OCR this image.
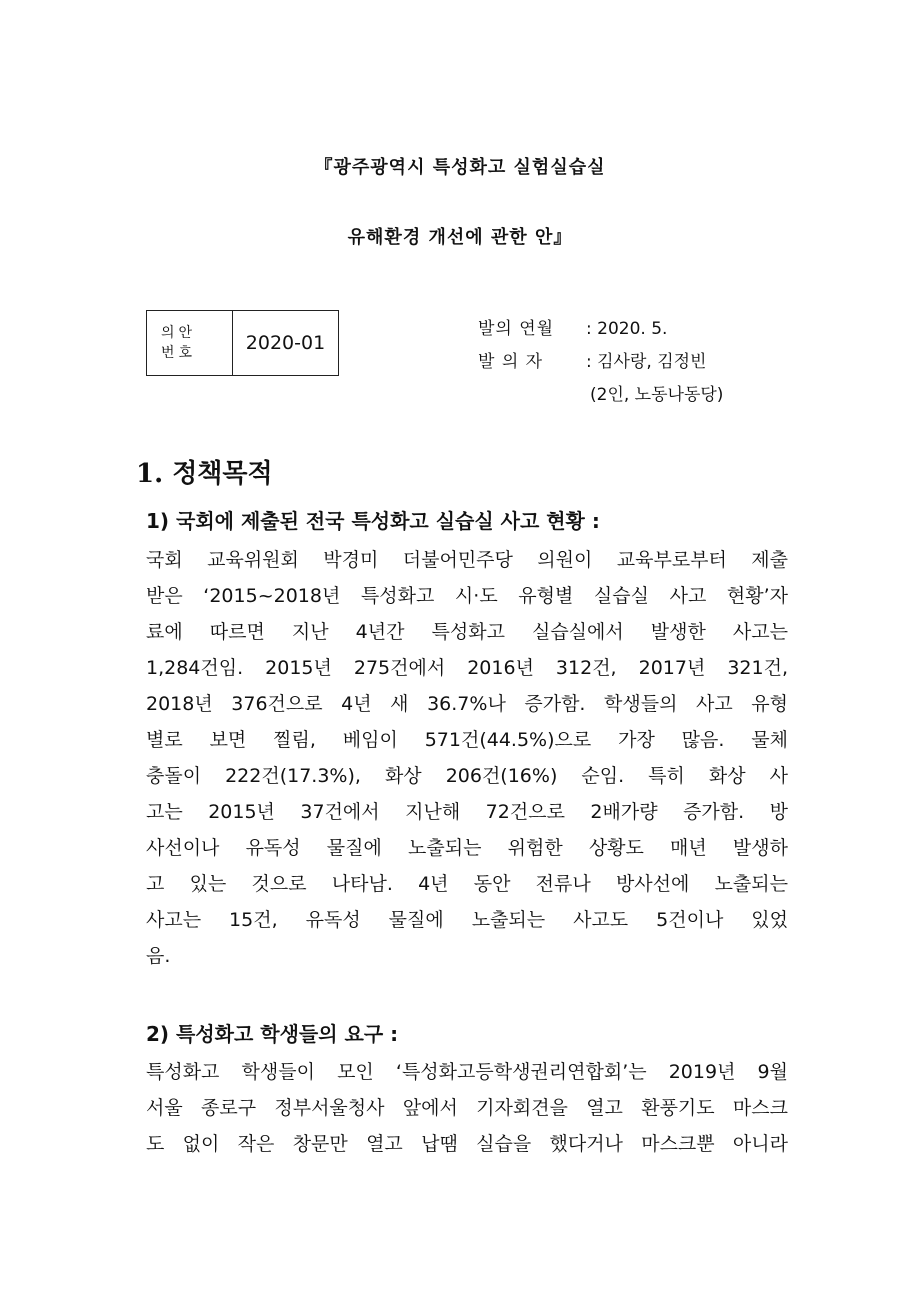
『광주광역시 특성화고 실험실습실
유해환경 개선에 관한 안』
의안
번호	2020-01
발의 연월 : 2020. 5.
발 의 자	: 김사랑, 김정빈
(2인, 노동나동당)
1. 정책목적
1) 국회에 제출된 전국 특성화고 실습실 사고 현황 :
국회 교육위원회 박경미 더불어민주당 의원이 교육부로부터 제출
받은 ‘2015~2018년 특성화고 시·도 유형별 실습실 사고 현황’자
료에 따르면 지난 4년간 특성화고 실습실에서 발생한 사고는
1,284건임. 2015년 275건에서 2016년 312건, 2017년 321건,
2018년 376건으로 4년 새 36.7%나 증가함. 학생들의 사고 유형
별로 보면 찔림, 베임이 571건(44.5%)으로 가장 많음. 물체
충돌이 222건(17.3%), 화상 206건(16%) 순임. 특히 화상 사
고는 2015년 37건에서 지난해 72건으로 2배가량 증가함. 방
사선이나 유독성 물질에 노출되는 위험한 상황도 매년 발생하
고 있는 것으로 나타남. 4년 동안 전류나 방사선에 노출되는
사고는 15건, 유독성 물질에 노출되는 사고도 5건이나 있었
음.
2) 특성화고 학생들의 요구 :
특성화고 학생들이 모인 ‘특성화고등학생권리연합회’는 2019년 9월
서울 종로구 정부서울청사 앞에서 기자회견을 열고 환풍기도 마스크
도 없이 작은 창문만 열고 납땜 실습을 했다거나 마스크뿐 아니라
